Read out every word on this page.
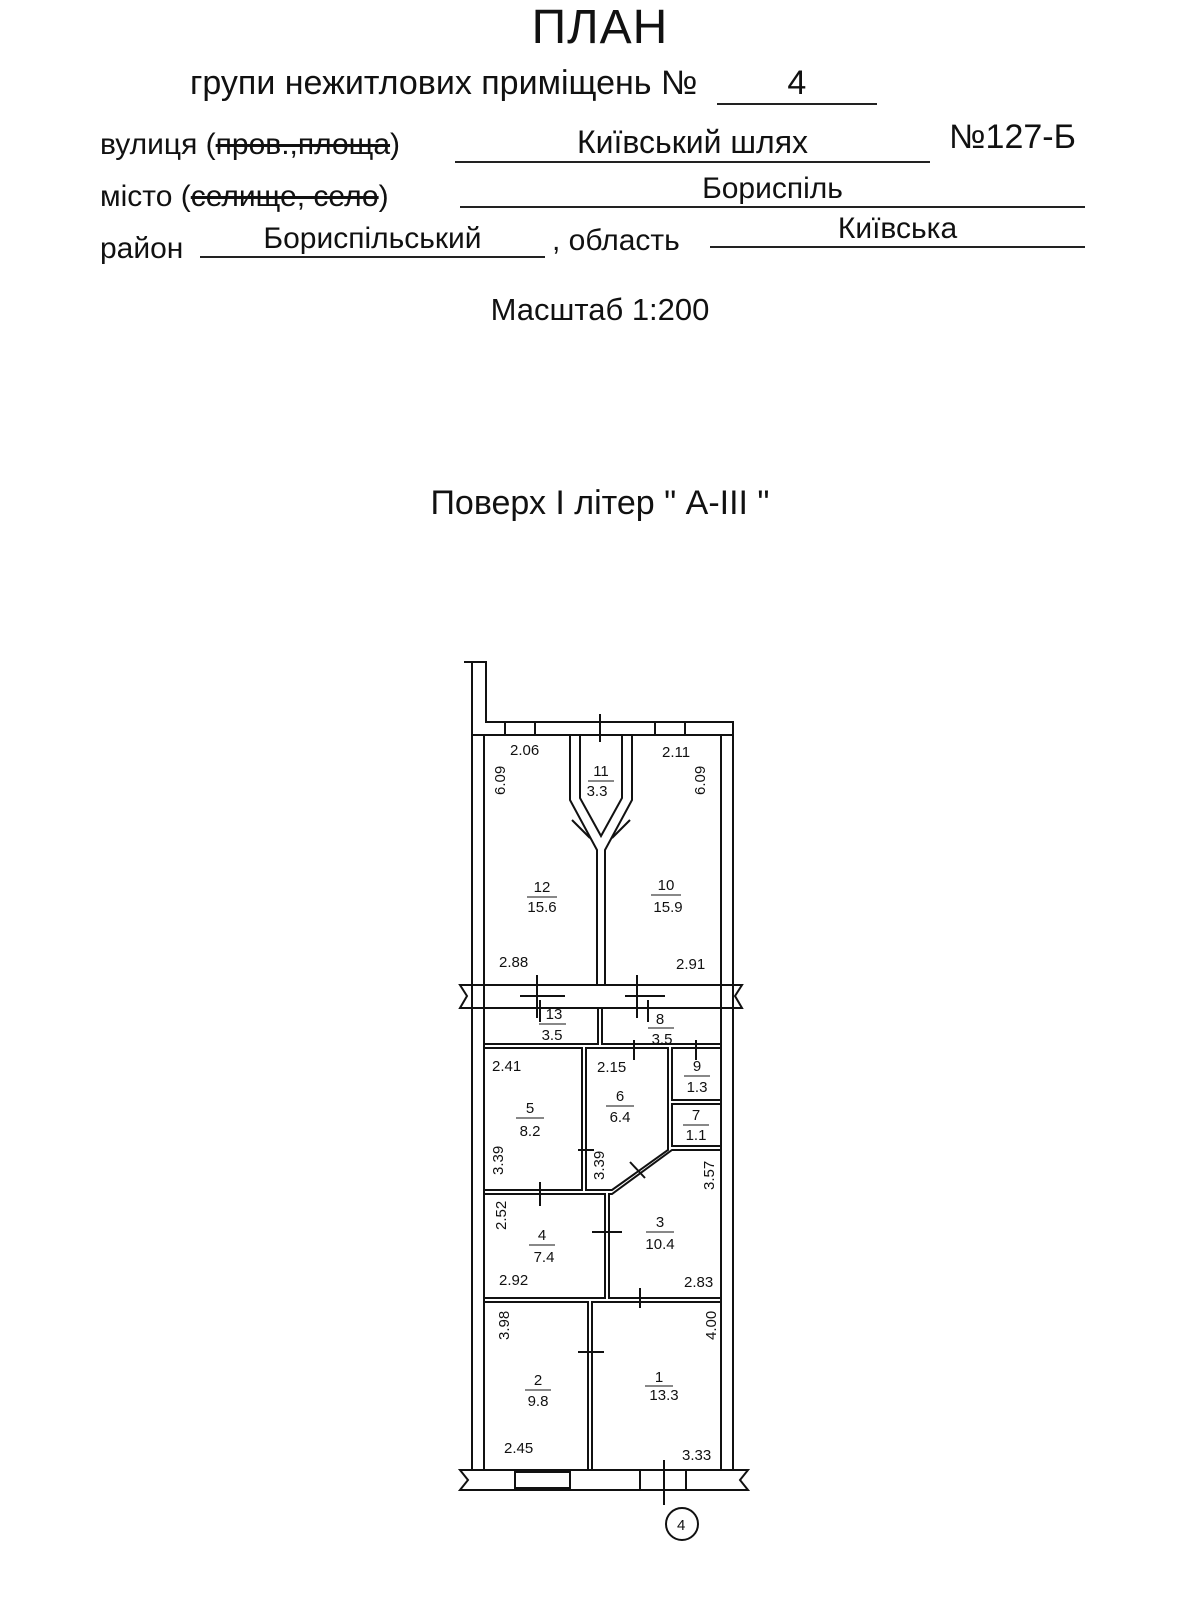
ПЛАН
групи нежитлових приміщень №	4
вулиця (пров.,площа)	Київський шлях	№127-Б
місто (селище, село)	Бориспіль
район	Бориспільський	, область	Київська
Масштаб 1:200
Поверх І літер " А-ІІІ "
11
3.3
12
15.6
10
15.9
13
3.5
8
3.5
5
8.2
6
6.4
9
1.3
7
1.1
4
7.4
3
10.4
2
9.8
1
13.3
2.06	2.11
6.09	6.09
2.88	2.91
2.41	2.15
3.39	3.39	3.57
2.52
2.92	2.83
3.98	4.00
2.45	3.33
4
